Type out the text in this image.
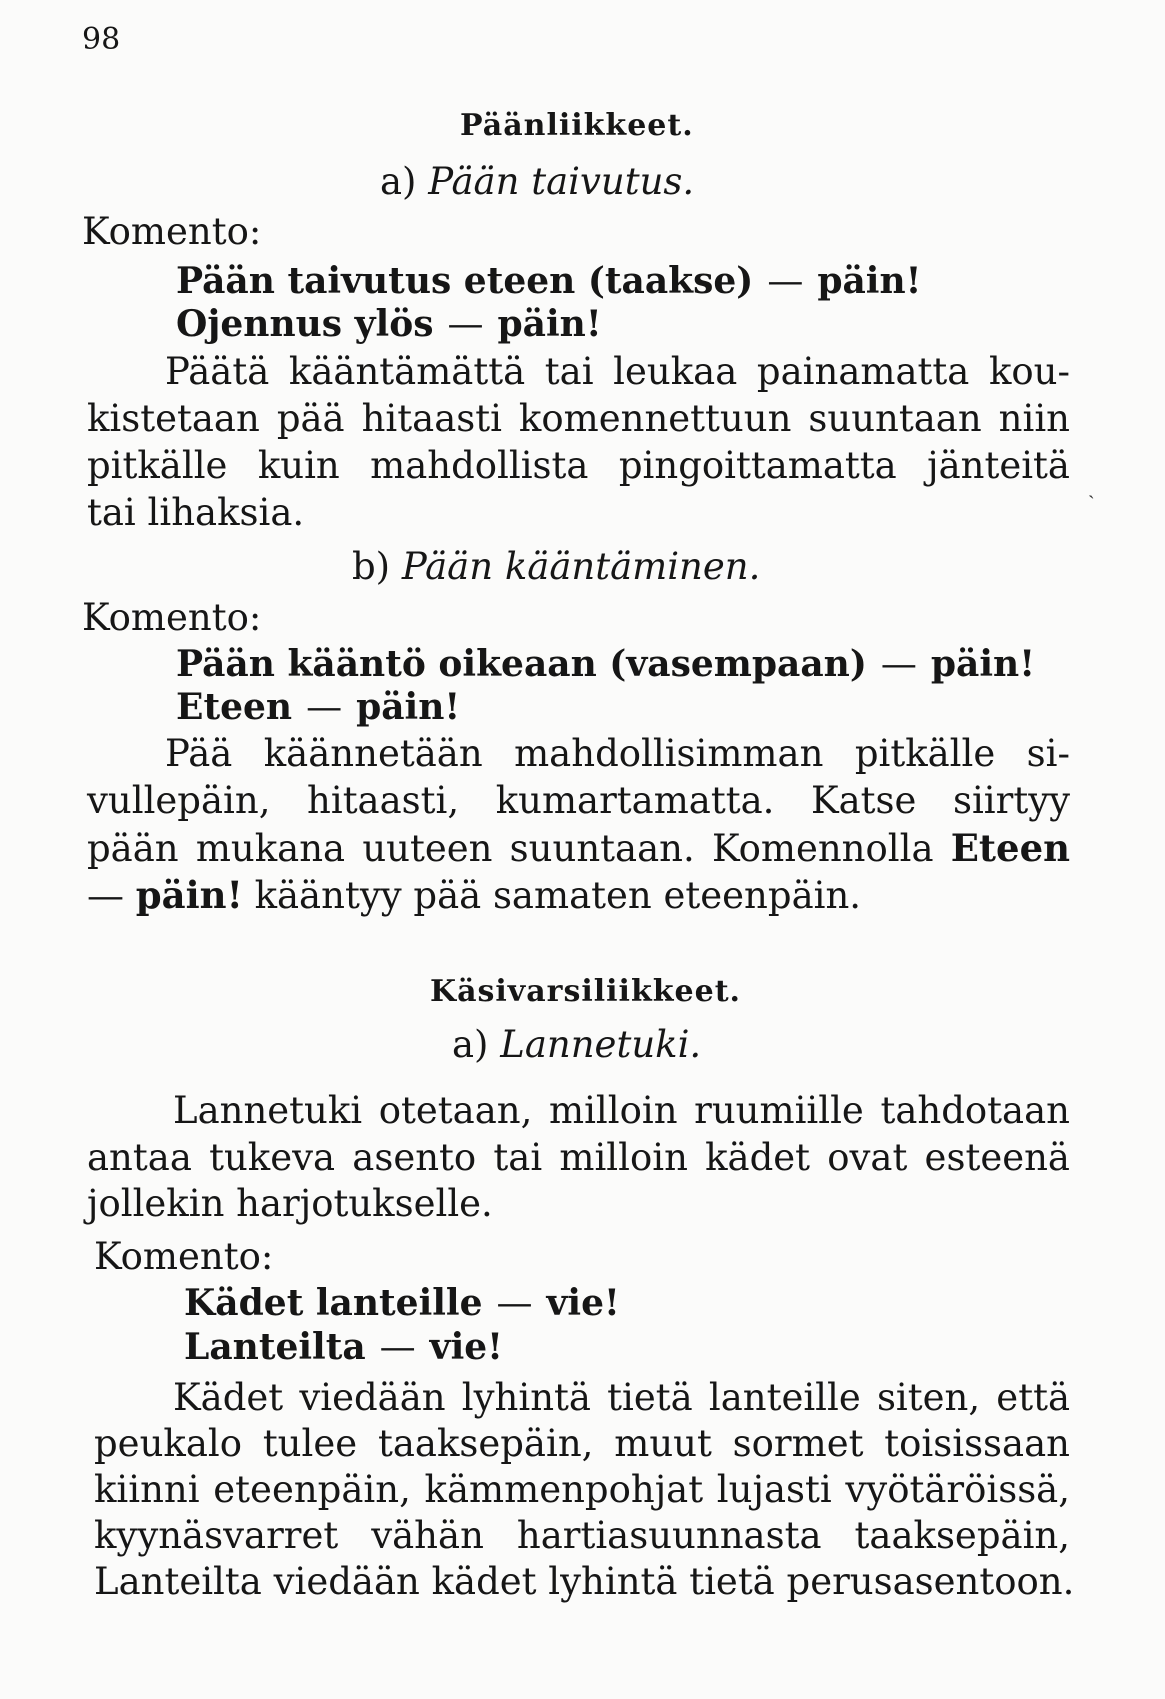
98
Päänliikkeet.
a) Pään taivutus.
Komento:
Pään taivutus eteen (taakse) — päin!
Ojennus ylös — päin!
Päätä kääntämättä tai leukaa painamatta kou-
kistetaan pää hitaasti komennettuun suuntaan niin
pitkälle kuin mahdollista pingoittamatta jänteitä
tai lihaksia.
ˎ
b) Pään kääntäminen.
Komento:
Pään kääntö oikeaan (vasempaan) — päin!
Eteen — päin!
Pää käännetään mahdollisimman pitkälle si-
vullepäin, hitaasti, kumartamatta. Katse siirtyy
pään mukana uuteen suuntaan. Komennolla Eteen
— päin! kääntyy pää samaten eteenpäin.
Käsivarsiliikkeet.
a) Lannetuki.
Lannetuki otetaan, milloin ruumiille tahdotaan
antaa tukeva asento tai milloin kädet ovat esteenä
jollekin harjotukselle.
Komento:
Kädet lanteille — vie!
Lanteilta — vie!
Kädet viedään lyhintä tietä lanteille siten, että
peukalo tulee taaksepäin, muut sormet toisissaan
kiinni eteenpäin, kämmenpohjat lujasti vyötäröissä,
kyynäsvarret vähän hartiasuunnasta taaksepäin,
Lanteilta viedään kädet lyhintä tietä perusasentoon.
